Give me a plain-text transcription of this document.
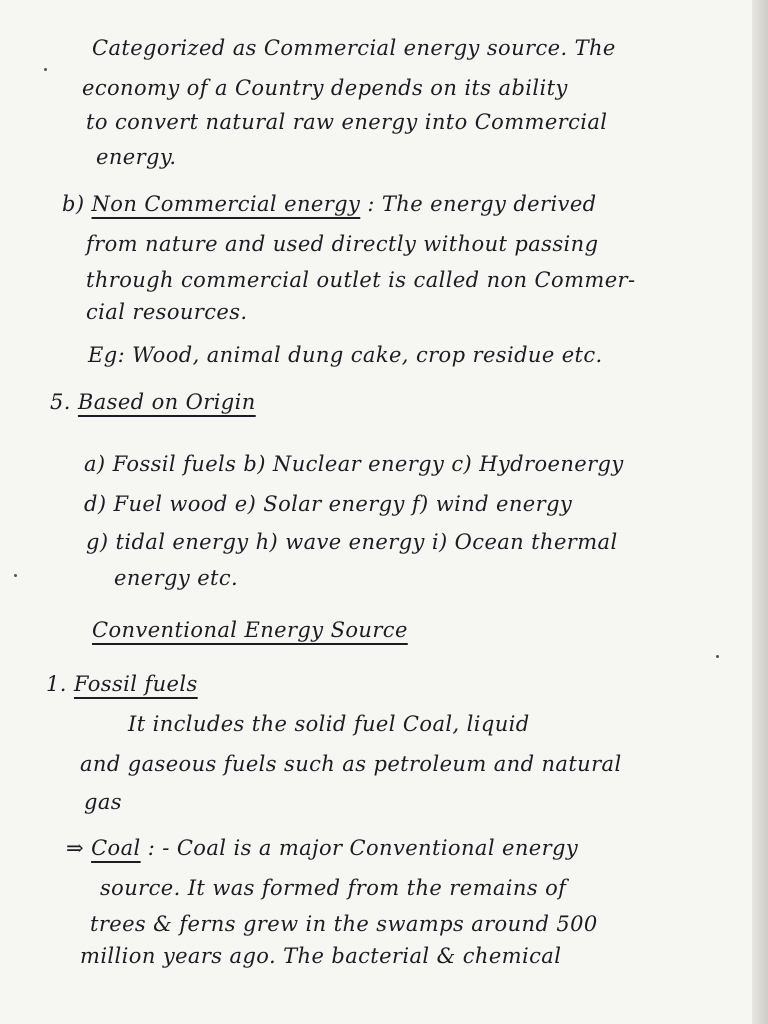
Categorized as Commercial energy source. The
economy of a Country depends on its ability
to convert natural raw energy into Commercial
energy.
b) Non Commercial energy : The energy derived
from nature and used directly without passing
through commercial outlet is called non Commer-
cial resources.
Eg: Wood, animal dung cake, crop residue etc.
5. Based on Origin
a) Fossil fuels b) Nuclear energy c) Hydroenergy
d) Fuel wood e) Solar energy f) wind energy
g) tidal energy h) wave energy i) Ocean thermal
energy etc.
Conventional Energy Source
1. Fossil fuels
It includes the solid fuel Coal, liquid
and gaseous fuels such as petroleum and natural
gas
⇒ Coal : - Coal is a major Conventional energy
source. It was formed from the remains of
trees & ferns grew in the swamps around 500
million years ago. The bacterial & chemical
